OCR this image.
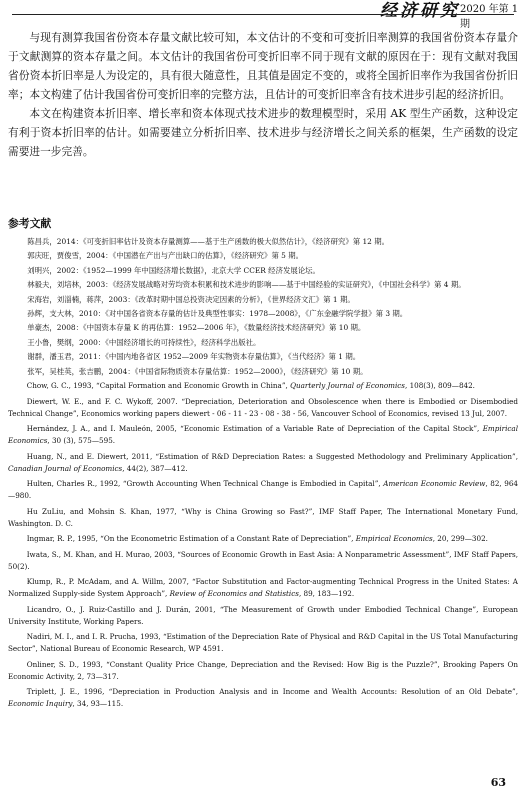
经济研究 2020 年第 1 期

与现有测算我国省份资本存量文献比较可知，本文估计的不变和可变折旧率测算的我国省份资本存量介于文献测算的资本存量之间。本文估计的我国省份可变折旧率不同于现有文献的原因在于：现有文献对我国省份资本折旧率是人为设定的，具有很大随意性，且其值是固定不变的，或将全国折旧率作为我国省份折旧率；本文构建了估计我国省份可变折旧率的完整方法，且估计的可变折旧率含有技术进步引起的经济折旧。

本文在构建资本折旧率、增长率和资本体现式技术进步的数理模型时，采用 AK 型生产函数，这种设定有利于资本折旧率的估计。如需要建立分析折旧率、技术进步与经济增长之间关系的框架，生产函数的设定需要进一步完善。

参考文献

陈昌兵，2014：《可变折旧率估计及资本存量测算——基于生产函数的极大似然估计》，《经济研究》第 12 期。

郭庆旺，贾俊雪，2004：《中国潜在产出与产出缺口的估算》，《经济研究》第 5 期。

刘明兴，2002：《1952—1999 年中国经济增长数据》，北京大学 CCER 经济发展论坛。

林毅夫，刘培林，2003：《经济发展战略对劳均资本积累和技术进步的影响——基于中国经验的实证研究》，《中国社会科学》第 4 期。

宋海岩，刘淄楠，蒋萍，2003：《改革时期中国总投资决定因素的分析》，《世界经济文汇》第 1 期。

孙辉，支大林，2010：《对中国各省资本存量的估计及典型性事实：1978—2008》，《广东金融学院学报》第 3 期。

单豪杰，2008：《中国资本存量 K 的再估算：1952—2006 年》，《数量经济技术经济研究》第 10 期。

王小鲁，樊纲，2000：《中国经济增长的可持续性》，经济科学出版社。

谢群，潘玉君，2011：《中国内地各省区 1952—2009 年实物资本存量估算》，《当代经济》第 1 期。

张军，吴桂英，张吉鹏，2004：《中国省际物质资本存量估算：1952—2000》，《经济研究》第 10 期。

Chow, G. C., 1993, “Capital Formation and Economic Growth in China”, Quarterly Journal of Economics, 108(3), 809—842.

Diewert, W. E., and F. C. Wykoff, 2007. “Depreciation, Deterioration and Obsolescence when there is Embodied or Disembodied Technical Change”, Economics working papers diewert - 06 - 11 - 23 - 08 - 38 - 56, Vancouver School of Economics, revised 13 Jul, 2007.

Hernández, J. A., and I. Mauleón, 2005, “Economic Estimation of a Variable Rate of Depreciation of the Capital Stock”, Empirical Economics, 30 (3), 575—595.

Huang, N., and E. Diewert, 2011, “Estimation of R&D Depreciation Rates: a Suggested Methodology and Preliminary Application”, Canadian Journal of Economics, 44(2), 387—412.

Hulten, Charles R., 1992, “Growth Accounting When Technical Change is Embodied in Capital”, American Economic Review, 82, 964—980.

Hu ZuLiu, and Mohsin S. Khan, 1977, “Why is China Growing so Fast?”, IMF Staff Paper, The International Monetary Fund, Washington. D. C.

Ingmar, R. P., 1995, “On the Econometric Estimation of a Constant Rate of Depreciation”, Empirical Economics, 20, 299—302.

Iwata, S., M. Khan, and H. Murao, 2003, “Sources of Economic Growth in East Asia: A Nonparametric Assessment”, IMF Staff Papers, 50(2).

Klump, R., P. McAdam, and A. Willm, 2007, “Factor Substitution and Factor-augmenting Technical Progress in the United States: A Normalized Supply-side System Approach”, Review of Economics and Statistics, 89, 183—192.

Licandro, O., J. Ruiz-Castillo and J. Durán, 2001, “The Measurement of Growth under Embodied Technical Change”, European University Institute, Working Papers.

Nadiri, M. I., and I. R. Prucha, 1993, “Estimation of the Depreciation Rate of Physical and R&D Capital in the US Total Manufacturing Sector”, National Bureau of Economic Research, WP 4591.

Onliner, S. D., 1993, “Constant Quality Price Change, Depreciation and the Revised: How Big is the Puzzle?”, Brooking Papers On Economic Activity, 2, 73—317.

Triplett, J. E., 1996, “Depreciation in Production Analysis and in Income and Wealth Accounts: Resolution of an Old Debate”, Economic Inquiry, 34, 93—115.

63
